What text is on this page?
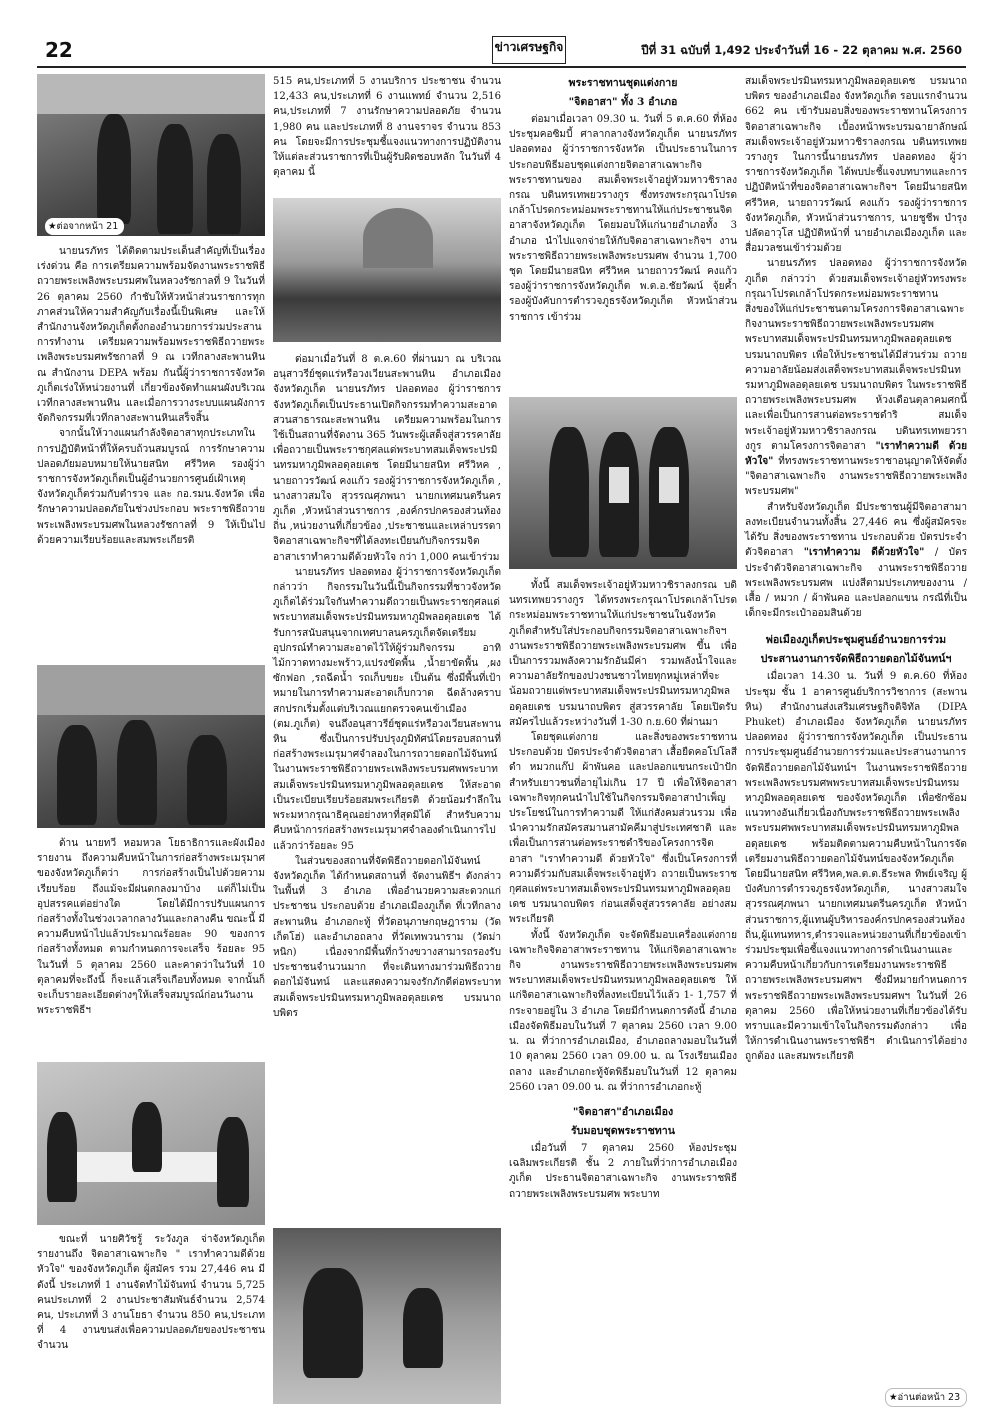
22	ข่าวเศรษฐกิจ	ปีที่ 31 ฉบับที่ 1,492 ประจำวันที่ 16 - 22 ตุลาคม พ.ศ. 2560
★ต่อจากหน้า 21

นายนรภัทร ได้ติดตามประเด็นสำคัญที่เป็นเรื่องเร่งด่วน คือ การเตรียมความพร้อมจัดงานพระราชพิธีถวายพระเพลิงพระบรมศพในหลวงรัชกาลที่ 9 ในวันที่ 26 ตุลาคม 2560 กำชับให้หัวหน้าส่วนราชการทุกภาคส่วนให้ความสำคัญกับเรื่องนี้เป็นพิเศษ และให้สำนักงานจังหวัดภูเก็ตตั้งกองอำนวยการร่วมประสานการทำงาน เตรียมความพร้อมพระราชพิธีถวายพระเพลิงพระบรมศพรัชกาลที่ 9 ณ เวทีกลางสะพานหิน ณ สำนักงาน DEPA พร้อม กันนี้ผู้ว่าราชการจังหวัดภูเก็ตเร่งให้หน่วยงานที่ เกี่ยวข้องจัดทำแผนผังบริเวณเวทีกลางสะพานหิน และเมื่อการวางระบบแผนผังการจัดกิจกรรมที่เวทีกลางสะพานหินเสร็จสิ้น

จากนั้นให้วางแผนกำลังจิตอาสาทุกประเภทในการปฏิบัติหน้าที่ให้ครบถ้วนสมบูรณ์ การรักษาความปลอดภัยมอบหมายให้นายสนิท ศรีวิหค รองผู้ว่าราชการจังหวัดภูเก็ตเป็นผู้อำนวยการศูนย์เฝ้าเหตุจังหวัดภูเก็ตร่วมกับตำรวจ และ กอ.รมน.จังหวัด เพื่อรักษาความปลอดภัยในช่วงประกอบ พระราชพิธีถวายพระเพลิงพระบรมศพในหลวงรัชกาลที่ 9 ให้เป็นไปด้วยความเรียบร้อยและสมพระเกียรติ

ด้าน นายทวี หอมหวล โยธาธิการและผังเมืองรายงาน ถึงความคืบหน้าในการก่อสร้างพระเมรุมาศของจังหวัดภูเก็ตว่า การก่อสร้างเป็นไปด้วยความเรียบร้อย ถึงแม้จะมีฝนตกลงมาบ้าง แต่ก็ไม่เป็นอุปสรรคแต่อย่างใด โดยได้มีการปรับแผนการก่อสร้างทั้งในช่วงเวลากลางวันและกลางคืน ขณะนี้ มีความคืบหน้าไปแล้วประมาณร้อยละ 90 ของการก่อสร้างทั้งหมด ตามกำหนดการจะเสร็จ ร้อยละ 95 ในวันที่ 5 ตุลาคม 2560 และคาดว่าในวันที่ 10 ตุลาคมที่จะถึงนี้ ก็จะแล้วเสร็จเกือบทั้งหมด จากนั้นก็จะเก็บรายละเอียดต่างๆให้เสร็จสมบูรณ์ก่อนวันงานพระราชพิธีฯ

ขณะที่ นายศิวัชรู้ ระวังภูล จ่าจังหวัดภูเก็ต รายงานถึง จิตอาสาเฉพาะกิจ " เราทำความดีด้วย หัวใจ" ของจังหวัดภูเก็ต ผู้สมัคร รวม 27,446 คน มีดังนี้ ประเภทที่ 1 งานจัดทำไม้จันทน์ จำนวน 5,725 คนประเภทที่ 2 งานประชาสัมพันธ์จำนวน 2,574 คน, ประเภทที่ 3 งานโยธา จำนวน 850 คน,ประเภทที่ 4 งานขนส่งเพื่อความปลอดภัยของประชาชน จำนวน

515 คน,ประเภทที่ 5 งานบริการ ประชาชน จำนวน 12,433 คน,ประเภทที่ 6 งานแพทย์ จำนวน 2,516 คน,ประเภทที่ 7 งานรักษาความปลอดภัย จำนวน 1,980 คน และประเภทที่ 8 งานจราจร จำนวน 853 คน โดยจะมีการประชุมชี้แจงแนวทางการปฏิบัติงานให้แต่ละส่วนราชการที่เป็นผู้รับผิดชอบหลัก ในวันที่ 4 ตุลาคม นี้

ต่อมาเมื่อวันที่ 8 ต.ค.60 ที่ผ่านมา ณ บริเวณอนุสาวรีย์ชุดแร่หรือวงเวียนสะพานหิน อำเภอเมือง จังหวัดภูเก็ต นายนรภัทร ปลอดทอง ผู้ว่าราชการจังหวัดภูเก็ตเป็นประธานเปิดกิจกรรมทำความสะอาดสวนสาธารณะสะพานหิน เตรียมความพร้อมในการใช้เป็นสถานที่จัดงาน 365 วันพระผู้เสด็จสู่สวรรคาลัย เพื่อถวายเป็นพระราชกุศลแด่พระบาทสมเด็จพระปรมินทรมหาภูมิพลอดุลยเดช โดยมีนายสนิท ศรีวิหค , นายถาวรวัฒน์ คงแก้ว รองผู้ว่าราชการจังหวัดภูเก็ต , นางสาวสมใจ สุวรรณศุภพนา นายกเทศมนตรีนครภูเก็ต ,หัวหน้าส่วนราชการ ,องค์กรปกครองส่วนท้องถิ่น ,หน่วยงานที่เกี่ยวข้อง ,ประชาชนและเหล่าบรรดาจิตอาสาเฉพาะกิจฯที่ได้ลงทะเบียนกับกิจกรรมจิตอาสาเราทำความดีด้วยหัวใจ กว่า 1,000 คนเข้าร่วม

นายนรภัทร ปลอดทอง ผู้ว่าราชการจังหวัดภูเก็ต กล่าวว่า กิจกรรมในวันนี้เป็นกิจกรรมที่ชาวจังหวัดภูเก็ตได้ร่วมใจกันทำความดีถวายเป็นพระราชกุศลแด่พระบาทสมเด็จพระปรมินทรมหาภูมิพลอดุลยเดช ได้รับการสนับสนุนจากเทศบาลนครภูเก็ตจัดเตรียมอุปกรณ์ทำความสะอาดไว้ให้ผู้ร่วมกิจกรรม อาทิ ไม้กวาดทางมะพร้าว,แปรงขัดพื้น ,น้ำยาขัดพื้น ,ผงซักฟอก ,รถฉีดน้ำ รถเก็บขยะ เป็นต้น ซึ่งมีพื้นที่เป้าหมายในการทำความสะอาดเก็บกวาด ฉีดล้างคราบสกปรกเริ่มตั้งแต่บริเวณแยกตรวจคนเข้าเมือง (ตม.ภูเก็ต) จนถึงอนุสาวรีย์ชุดแร่หรือวงเวียนสะพานหิน ซึ่งเป็นการปรับปรุงภูมิทัศน์โดยรอบสถานที่ก่อสร้างพระเมรุมาศจำลองในการถวายดอกไม้จันทน์ ในงานพระราชพิธีถวายพระเพลิงพระบรมศพพระบาทสมเด็จพระปรมินทรมหาภูมิพลอดุลยเดช ให้สะอาดเป็นระเบียบเรียบร้อยสมพระเกียรติ ด้วยน้อมรำลึกในพระมหากรุณาธิคุณอย่างหาที่สุดมิได้ สำหรับความคืบหน้าการก่อสร้างพระเมรุมาศจำลองดำเนินการไปแล้วกว่าร้อยละ 95

ในส่วนของสถานที่จัดพิธีถวายดอกไม้จันทน์จังหวัดภูเก็ต ได้กำหนดสถานที่ จัดงานพิธีฯ ดังกล่าว ในพื้นที่ 3 อำเภอ เพื่ออำนวยความสะดวกแก่ประชาชน ประกอบด้วย อำเภอเมืองภูเก็ต ที่เวทีกลางสะพานหิน อำเภอกะทู้ ที่วัดอนุภาษกฤษฎาราม (วัดเก็ตโฮ่) และอำเภอถลาง ที่วัดเทพวนาราม (วัดม่าหนิก) เนื่องจากมีพื้นที่กว้างขวางสามารถรองรับประชาชนจำนวนมาก ที่จะเดินทางมาร่วมพิธีถวายดอกไม้จันทน์ และแสดงความจงรักภักดีต่อพระบาทสมเด็จพระปรมินทรมหาภูมิพลอดุลยเดช บรมนาถบพิตร

พระราชทานชุดแต่งกาย
"จิตอาสา" ทั้ง 3 อำเภอ

ต่อมาเมื่อเวลา 09.30 น. วันที่ 5 ต.ค.60 ที่ห้องประชุมคอซิมบี้ ศาลากลางจังหวัดภูเก็ต นายนรภัทร ปลอดทอง ผู้ว่าราชการจังหวัด เป็นประธานในการประกอบพิธีมอบชุดแต่งกายจิตอาสาเฉพาะกิจ พระราชทานของ สมเด็จพระเจ้าอยู่หัวมหาวชิราลงกรณ บดินทรเทพยวรางกูร ซึ่งทรงพระกรุณาโปรดเกล้าโปรดกระหม่อมพระราชทานให้แก่ประชาชนจิตอาสาจังหวัดภูเก็ต โดยมอบให้แก่นายอำเภอทั้ง 3 อำเภอ นำไปแจกจ่ายให้กับจิตอาสาเฉพาะกิจฯ งานพระราชพิธีถวายพระเพลิงพระบรมศพ จำนวน 1,700 ชุด โดยมีนายสนิท ศรีวิหค นายถาวรวัฒน์ คงแก้ว รองผู้ว่าราชการจังหวัดภูเก็ต พ.ต.อ.ชัยวัฒน์ จุ้ยค้ำ รองผู้บังคับการตำรวจภูธรจังหวัดภูเก็ต หัวหน้าส่วนราชการ เข้าร่วม

ทั้งนี้ สมเด็จพระเจ้าอยู่หัวมหาวชิราลงกรณ บดินทรเทพยวรางกูร ได้ทรงพระกรุณาโปรดเกล้าโปรดกระหม่อมพระราชทานให้แก่ประชาชนในจังหวัดภูเก็ตสำหรับใส่ประกอบกิจกรรมจิตอาสาเฉพาะกิจฯ งานพระราชพิธีถวายพระเพลิงพระบรมศพ ขึ้น เพื่อเป็นการรวมพลังความรักอันมีค่า รวมพลังน้ำใจและความอาลัยรักของปวงชนชาวไทยทุกหมู่เหล่าที่จะน้อมถวายแด่พระบาทสมเด็จพระปรมินทรมหาภูมิพลอดุลยเดช บรมนาถบพิตร สู่สวรรคาลัย โดยเปิดรับสมัครไปแล้วระหว่างวันที่ 1-30 ก.ย.60 ที่ผ่านมา

โดยชุดแต่งกาย และสิ่งของพระราชทานประกอบด้วย บัตรประจำตัวจิตอาสา เสื้อยืดคอโปโลสีดำ หมวกแก๊ป ผ้าพันคอ และปลอกแขนกระเป๋าปัก สำหรับเยาวชนที่อายุไม่เกิน 17 ปี เพื่อให้จิตอาสาเฉพาะกิจทุกคนนำไปใช้ในกิจกรรมจิตอาสาบำเพ็ญประโยชน์ในการทำความดี ให้แก่สังคมส่วนรวม เพื่อนำความรักสมัครสมานสามัคคีมาสู่ประเทศชาติ และเพื่อเป็นการสานต่อพระราชดำริของโครงการจิตอาสา "เราทำความดี ด้วยหัวใจ" ซึ่งเป็นโครงการที่ความดีร่วมกับสมเด็จพระเจ้าอยู่หัว ถวายเป็นพระราชกุศลแด่พระบาทสมเด็จพระปรมินทรมหาภูมิพลอดุลยเดช บรมนาถบพิตร ก่อนเสด็จสู่สวรรคาลัย อย่างสมพระเกียรติ

ทั้งนี้ จังหวัดภูเก็ต จะจัดพิธีมอบเครื่องแต่งกายเฉพาะกิจจิตอาสาพระราชทาน ให้แก่จิตอาสาเฉพาะกิจ งานพระราชพิธีถวายพระเพลิงพระบรมศพ พระบาทสมเด็จพระปรมินทรมหาภูมิพลอดุลยเดช ให้แก่จิตอาสาเฉพาะกิจที่ลงทะเบียนไว้แล้ว 1- 1,757 ที่กระจายอยู่ใน 3 อำเภอ โดยมีกำหนดการดังนี้ อำเภอเมืองจัดพิธีมอบในวันที่ 7 ตุลาคม 2560 เวลา 9.00 น. ณ ที่ว่าการอำเภอเมือง, อำเภอถลางมอบในวันที่ 10 ตุลาคม 2560 เวลา 09.00 น. ณ โรงเรียนเมืองถลาง และอำเภอกะทู้จัดพิธีมอบในวันที่ 12 ตุลาคม 2560 เวลา 09.00 น. ณ ที่ว่าการอำเภอกะทู้

"จิตอาสา"อำเภอเมือง
รับมอบชุดพระราชทาน

เมื่อวันที่ 7 ตุลาคม 2560 ห้องประชุมเฉลิมพระเกียรติ ชั้น 2 ภายในที่ว่าการอำเภอเมืองภูเก็ต ประธานจิตอาสาเฉพาะกิจ งานพระราชพิธีถวายพระเพลิงพระบรมศพ พระบาท

สมเด็จพระปรมินทรมหาภูมิพลอดุลยเดช บรมนาถบพิตร ของอำเภอเมือง จังหวัดภูเก็ต รอบแรกจำนวน 662 คน เข้ารับมอบสิ่งของพระราชทานโครงการจิตอาสาเฉพาะกิจ เบื้องหน้าพระบรมฉายาลักษณ์ สมเด็จพระเจ้าอยู่หัวมหาวชิราลงกรณ บดินทรเทพยวรางกูร ในการนี้นายนรภัทร ปลอดทอง ผู้ว่าราชการจังหวัดภูเก็ต ได้พบปะชี้แจงบทบาทและการปฏิบัติหน้าที่ของจิตอาสาเฉพาะกิจฯ โดยมีนายสนิท ศรีวิหค, นายถาวรวัฒน์ คงแก้ว รองผู้ว่าราชการจังหวัดภูเก็ต, หัวหน้าส่วนราชการ, นายชูชีพ บำรุง ปลัดอาวุโส ปฏิบัติหน้าที่ นายอำเภอเมืองภูเก็ต และสื่อมวลชนเข้าร่วมด้วย

นายนรภัทร ปลอดทอง ผู้ว่าราชการจังหวัดภูเก็ต กล่าวว่า ด้วยสมเด็จพระเจ้าอยู่หัวทรงพระกรุณาโปรดเกล้าโปรดกระหม่อมพระราชทานสิ่งของให้แก่ประชาชนตามโครงการจิตอาสาเฉพาะกิจงานพระราชพิธีถวายพระเพลิงพระบรมศพ พระบาทสมเด็จพระปรมินทรมหาภูมิพลอดุลยเดช บรมนาถบพิตร เพื่อให้ประชาชนได้มีส่วนร่วม ถวายความอาลัยน้อมส่งเสด็จพระบาทสมเด็จพระปรมินทรมหาภูมิพลอดุลยเดช บรมนาถบพิตร ในพระราชพิธีถวายพระเพลิงพระบรมศพ ห้วงเดือนตุลาคมศกนี้ และเพื่อเป็นการสานต่อพระราชดำริ สมเด็จพระเจ้าอยู่หัวมหาวชิราลงกรณ บดินทรเทพยวรางกูร ตามโครงการจิตอาสา "เราทำความดี ด้วยหัวใจ" ที่ทรงพระราชทานพระราชาอนุญาตให้จัดตั้ง "จิตอาสาเฉพาะกิจ งานพระราชพิธีถวายพระเพลิงพระบรมศพ"

สำหรับจังหวัดภูเก็ต มีประชาชนผู้มีจิตอาสามาลงทะเบียนจำนวนทั้งสิ้น 27,446 คน ซึ่งผู้สมัครจะได้รับ สิ่งของพระราชทาน ประกอบด้วย บัตรประจำตัวจิตอาสา "เราทำความ ดีด้วยหัวใจ" / บัตรประจำตัวจิตอาสาเฉพาะกิจ งานพระราชพิธีถวายพระเพลิงพระบรมศพ แบ่งสีตามประเภทของงาน / เสื้อ / หมวก / ผ้าพันคอ และปลอกแขน กรณีที่เป็นเด็กจะมีกระเป๋าออมสินด้วย

พ่อเมืองภูเก็ตประชุมศูนย์อำนวยการร่วม
ประสานงานการจัดพิธีถวายดอกไม้จันทน์ฯ

เมื่อเวลา 14.30 น. วันที่ 9 ต.ค.60 ที่ห้องประชุม ชั้น 1 อาคารศูนย์บริการวิชาการ (สะพานหิน) สำนักงานส่งเสริมเศรษฐกิจดิจิทัล (DIPA Phuket) อำเภอเมือง จังหวัดภูเก็ต นายนรภัทร ปลอดทอง ผู้ว่าราชการจังหวัดภูเก็ต เป็นประธานการประชุมศูนย์อำนวยการร่วมและประสานงานการจัดพิธีถวายดอกไม้จันทน์ฯ ในงานพระราชพิธีถวายพระเพลิงพระบรมศพพระบาทสมเด็จพระปรมินทรมหาภูมิพลอดุลยเดช ของจังหวัดภูเก็ต เพื่อซักซ้อมแนวทางอันเกี่ยวเนื่องกับพระราชพิธีถวายพระเพลิงพระบรมศพพระบาทสมเด็จพระปรมินทรมหาภูมิพลอดุลยเดช พร้อมติดตามความคืบหน้าในการจัดเตรียมงานพิธีถวายดอกไม้จันทน์ของจังหวัดภูเก็ต โดยมีนายสนิท ศรีวิหค,พล.ต.ต.ธีระพล ทิพย์เจริญ ผู้บังคับการตำรวจภูธรจังหวัดภูเก็ต, นางสาวสมใจ สุวรรณศุภพนา นายกเทศมนตรีนครภูเก็ต หัวหน้าส่วนราชการ,ผู้แทนผู้บริหารองค์กรปกครองส่วนท้องถิ่น,ผู้แทนทหาร,ตำรวจและหน่วยงานที่เกี่ยวข้องเข้าร่วมประชุมเพื่อชี้แจงแนวทางการดำเนินงานและความคืบหน้าเกี่ยวกับการเตรียมงานพระราชพิธีถวายพระเพลิงพระบรมศพฯ ซึ่งมีหมายกำหนดการพระราชพิธีถวายพระเพลิงพระบรมศพฯ ในวันที่ 26 ตุลาคม 2560 เพื่อให้หน่วยงานที่เกี่ยวข้องได้รับทราบและมีความเข้าใจในกิจกรรมดังกล่าว เพื่อให้การดำเนินงานพระราชพิธีฯ ดำเนินการได้อย่างถูกต้อง และสมพระเกียรติ

★อ่านต่อหน้า 23
